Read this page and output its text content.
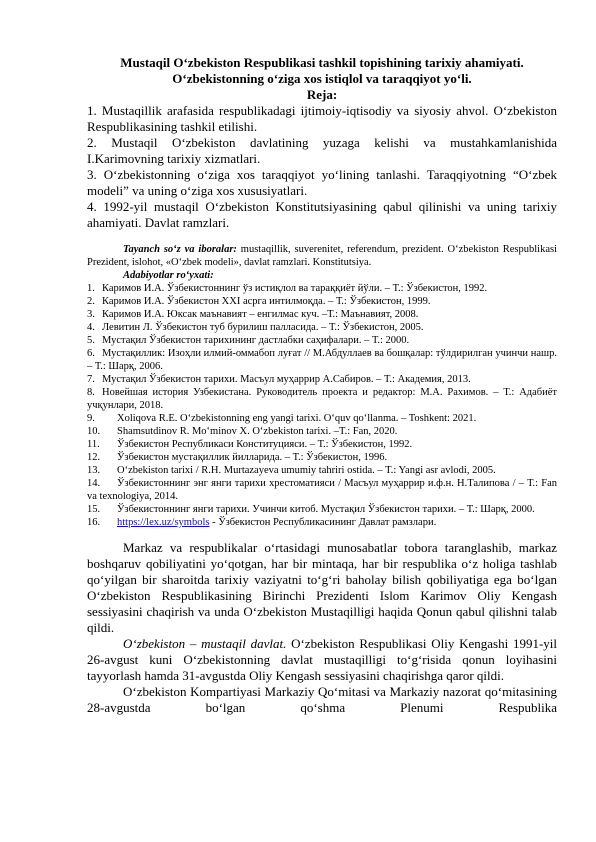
Mustaqil O‘zbekiston Respublikasi tashkil topishining tarixiy ahamiyati.

O‘zbekistonning o‘ziga xos istiqlol va taraqqiyot yo‘li.

Reja:

1. Mustaqillik arafasida respublikadagi ijtimoiy-iqtisodiy va siyosiy ahvol. O‘zbekiston Respublikasining tashkil etilishi.

2. Mustaqil O‘zbekiston davlatining yuzaga kelishi va mustahkamlanishida I.Karimovning tarixiy xizmatlari.

3. O‘zbekistonning o‘ziga xos taraqqiyot yo‘lining tanlashi. Taraqqiyotning “O‘zbek modeli” va uning o‘ziga xos xususiyatlari.

4. 1992-yil mustaqil O‘zbekiston Konstitutsiyasining qabul qilinishi va uning tarixiy ahamiyati. Davlat ramzlari.

Tayanch so‘z va iboralar: mustaqillik, suverenitet, referendum, prezident. O‘zbekiston Respublikasi Prezident, islohot, «O‘zbek modeli», davlat ramzlari. Konstitutsiya.

Adabiyotlar ro‘yxati:

1. Каримов И.А. Ўзбекистоннинг ўз истиқлол ва тараққиёт йўли. – Т.: Ўзбекистон, 1992.
2. Каримов И.А. Ўзбекистон XXI асрга интилмоқда. – Т.: Ўзбекистон, 1999.
3. Каримов И.А. Юксак маънавият – енгилмас куч. –Т.: Маънавият, 2008.
4. Левитин Л. Ўзбекистон туб бурилиш палласида. – Т.: Ўзбекистон, 2005.
5. Мустақил Ўзбекистон тарихининг дастлабки саҳифалари. – Т.: 2000.
6. Мустақиллик: Изоҳли илмий-оммабоп луғат // М.Абдуллаев ва бошқалар: тўлдирилган учинчи нашр. – Т.: Шарқ, 2006.
7. Мустақил Ўзбекистон тарихи. Масъул муҳаррир А.Сабиров. – Т.: Академия, 2013.
8. Новейшая история Узбекистана. Руководитель проекта и редактор: М.А. Рахимов. – Т.: Адабиёт учқунлари, 2018.
9. Xoliqova R.E. O‘zbekistonning eng yangi tarixi. O‘quv qo‘llanma. – Toshkent: 2021.
10. Shamsutdinov R. Mo‘minov X. O‘zbekiston tarixi. –T.: Fan, 2020.
11. Ўзбекистон Республикаси Конституцияси. – Т.: Ўзбекистон, 1992.
12. Ўзбекистон мустақиллик йилларида. – Т.: Ўзбекистон, 1996.
13. O‘zbekiston tarixi / R.H. Murtazayeva umumiy tahriri ostida. – T.: Yangi asr avlodi, 2005.
14. Ўзбекистоннинг энг янги тарихи хрестоматияси / Масъул муҳаррир и.ф.н. Н.Талипова / – Т.: Fan va texnologiya, 2014.
15. Ўзбекистоннинг янги тарихи. Учинчи китоб. Мустақил Ўзбекистон тарихи. – Т.: Шарқ, 2000.
16. https://lex.uz/symbols - Ўзбекистон Республикасининг Давлат рамзлари.

Markaz va respublikalar o‘rtasidagi munosabatlar tobora taranglashib, markaz boshqaruv qobiliyatini yo‘qotgan, har bir mintaqa, har bir respublika o‘z holiga tashlab qo‘yilgan bir sharoitda tarixiy vaziyatni to‘g‘ri baholay bilish qobiliyatiga ega bo‘lgan O‘zbekiston Respublikasining Birinchi Prezidenti Islom Karimov Oliy Kengash sessiyasini chaqirish va unda O‘zbekiston Mustaqilligi haqida Qonun qabul qilishni talab qildi.

O‘zbekiston – mustaqil davlat. O‘zbekiston Respublikasi Oliy Kengashi 1991-yil 26-avgust kuni O‘zbekistonning davlat mustaqilligi to‘g‘risida qonun loyihasini tayyorlash hamda 31-avgustda Oliy Kengash sessiyasini chaqirishga qaror qildi.

O‘zbekiston Kompartiyasi Markaziy Qo‘mitasi va Markaziy nazorat qo‘mitasining 28-avgustda bo‘lgan qo‘shma Plenumi Respublika
